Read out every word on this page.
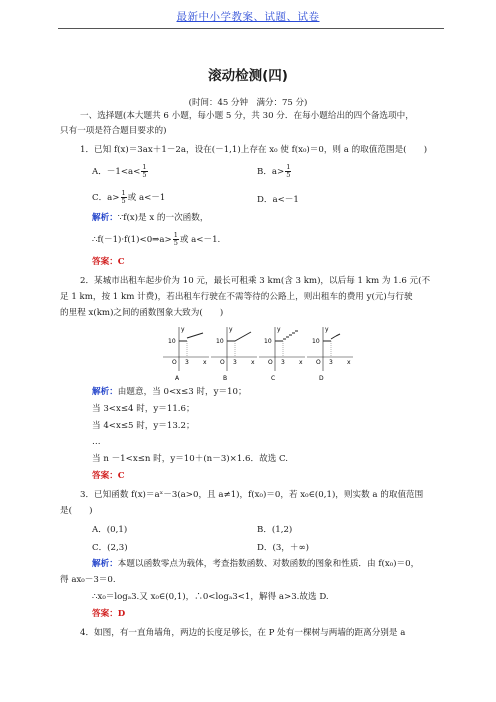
最新中小学教案、试题、试卷
滚动检测(四)
(时间：45 分钟　满分：75 分)
一、选择题(本大题共 6 小题，每小题 5 分，共 30 分．在每小题给出的四个备选项中，
只有一项是符合题目要求的)
1．已知 f(x)＝3ax＋1－2a，设在(－1,1)上存在 x₀ 使 f(x₀)＝0，则 a 的取值范围是(　　)
A．$-1<a< \frac{1}{5}$	B．$a> \frac{1}{5}$
C．$a> \frac{1}{5}$ 或 a<－1	D．a<－1
解析：∵f(x)是 x 的一次函数，
∴f(－1)·f(1)<0⇒a> $\frac{1}{5}$ 或 a<－1.
答案：C
2．某城市出租车起步价为 10 元，最长可租乘 3 km(含 3 km)，以后每 1 km 为 1.6 元(不
足 1 km，按 1 km 计费)，若出租车行驶在不需等待的公路上，则出租车的费用 y(元)与行驶
的里程 x(km)之间的函数图象大致为(　　)
y
10
O 3 x
A
y
10
O 3 x
B
y
10
O 3 x
C
y
10
O 3 x
D
解析：由题意，当 0<x≤3 时，y＝10；
当 3<x≤4 时，y＝11.6；
当 4<x≤5 时，y＝13.2；
…
当 n －1<x≤n 时，y＝10＋(n－3)×1.6．故选 C.
答案：C
3．已知函数 f(x)＝aˣ－3(a>0，且 a≠1)，f(x₀)＝0，若 x₀∈(0,1)，则实数 a 的取值范围
是(　　)
A．(0,1)	B．(1,2)
C．(2,3)	D．(3，＋∞)
解析：本题以函数零点为载体，考查指数函数、对数函数的图象和性质．由 f(x₀)＝0，
得 ax₀－3＝0.
∴x₀＝logₐ3.又 x₀∈(0,1)，∴0<logₐ3<1，解得 a>3.故选 D.
答案：D
4．如图，有一直角墙角，两边的长度足够长，在 P 处有一棵树与两墙的距离分别是 a
